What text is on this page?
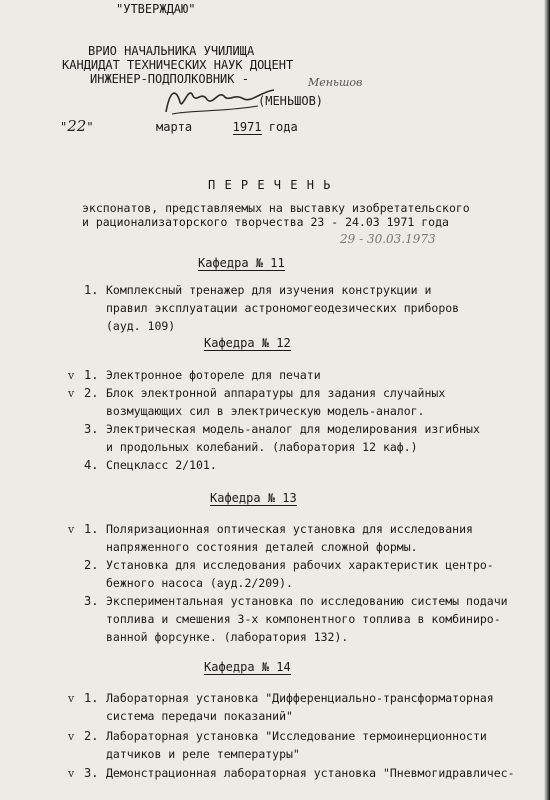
"УТВЕРЖДАЮ"
ВРИО НАЧАЛЬНИКА УЧИЛИЩА
КАНДИДАТ ТЕХНИЧЕСКИХ НАУК ДОЦЕНТ
ИНЖЕНЕР-ПОДПОЛКОВНИК -	Меньшов
(МЕНЬШОВ)
"22"	марта	1971 года
П Е Р Е Ч Е Н Ь
экспонатов, представляемых на выставку изобретательского
и рационализаторского творчества 23 - 24.03 1971 года
29 - 30.03.1973
Кафедра № 11
1. Комплексный тренажер для изучения конструкции и
правил эксплуатации астрономогеодезических приборов
(ауд. 109)
Кафедра № 12
v 1. Электронное фотореле для печати
v 2. Блок электронной аппаратуры для задания случайных
возмущающих сил в электрическую модель-аналог.
3. Электрическая модель-аналог для моделирования изгибных
и продольных колебаний. (лаборатория 12 каф.)
4. Спецкласс 2/101.
Кафедра № 13
v 1. Поляризационная оптическая установка для исследования
напряженного состояния деталей сложной формы.
2. Установка для исследования рабочих характеристик центро-
бежного насоса (ауд.2/209).
3. Экспериментальная установка по исследованию системы подачи
топлива и смешения 3-х компонентного топлива в комбиниро-
ванной форсунке. (лаборатория 132).
Кафедра № 14
v 1. Лабораторная установка "Дифференциально-трансформаторная
система передачи показаний"
v 2. Лабораторная установка "Исследование термоинерционности
датчиков и реле температуры"
v 3. Демонстрационная лабораторная установка "Пневмогидравличес-
